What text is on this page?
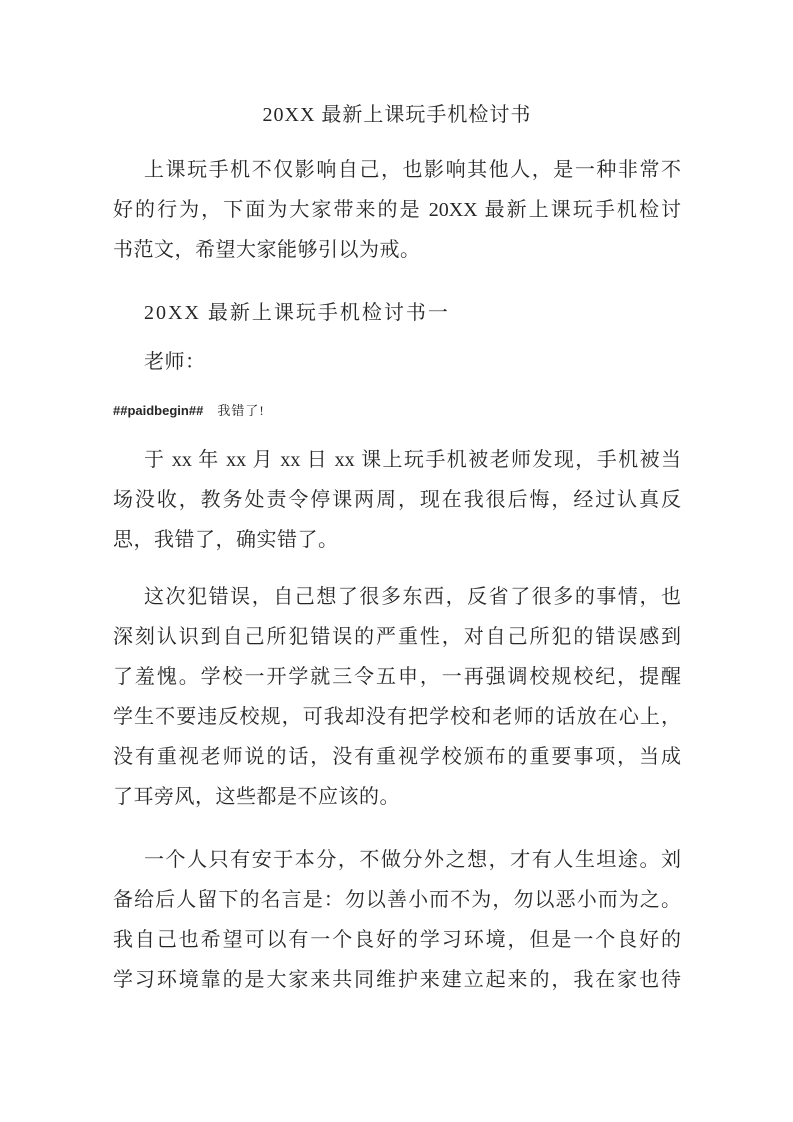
20XX 最新上课玩手机检讨书
上课玩手机不仅影响自己，也影响其他人，是一种非常不
好的行为，下面为大家带来的是 20XX 最新上课玩手机检讨
书范文，希望大家能够引以为戒。
20XX 最新上课玩手机检讨书一
老师：
##paidbegin## 我错了!
于 xx 年 xx 月 xx 日 xx 课上玩手机被老师发现，手机被当
场没收，教务处责令停课两周，现在我很后悔，经过认真反
思，我错了，确实错了。
这次犯错误，自己想了很多东西，反省了很多的事情，也
深刻认识到自己所犯错误的严重性，对自己所犯的错误感到
了羞愧。学校一开学就三令五申，一再强调校规校纪，提醒
学生不要违反校规，可我却没有把学校和老师的话放在心上，
没有重视老师说的话，没有重视学校颁布的重要事项，当成
了耳旁风，这些都是不应该的。
一个人只有安于本分，不做分外之想，才有人生坦途。刘
备给后人留下的名言是：勿以善小而不为，勿以恶小而为之。
我自己也希望可以有一个良好的学习环境，但是一个良好的
学习环境靠的是大家来共同维护来建立起来的，我在家也待
